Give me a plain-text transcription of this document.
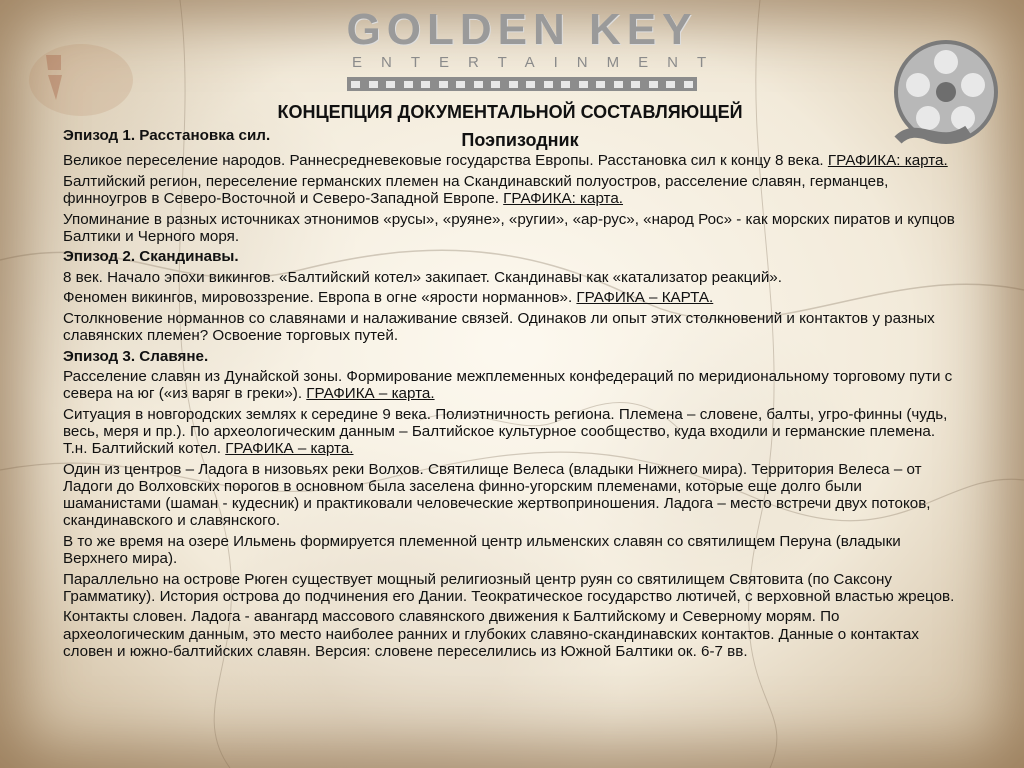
GOLDEN KEY
ENTERTAINMENT
КОНЦЕПЦИЯ ДОКУМЕНТАЛЬНОЙ СОСТАВЛЯЮЩЕЙ
Поэпизодник

Эпизод 1. Расстановка сил.

Великое переселение народов. Раннесредневековые государства Европы. Расстановка сил к концу 8 века. ГРАФИКА: карта.

Балтийский регион, переселение германских племен на Скандинавский полуостров, расселение славян, германцев, финноугров в Северо-Восточной и Северо-Западной Европе. ГРАФИКА: карта.

Упоминание в разных источниках этнонимов «русы», «руяне», «ругии», «ар-рус», «народ Рос» - как морских пиратов и купцов Балтики и Черного моря.

Эпизод 2. Скандинавы.

8 век. Начало эпохи викингов. «Балтийский котел» закипает. Скандинавы как «катализатор реакций».

Феномен викингов, мировоззрение. Европа в огне «ярости норманнов». ГРАФИКА – КАРТА.

Столкновение норманнов со славянами и налаживание связей. Одинаков ли опыт этих столкновений и контактов у разных славянских племен? Освоение торговых путей.

Эпизод 3. Славяне.

Расселение славян из Дунайской зоны. Формирование межплеменных конфедераций по меридиональному торговому пути с севера на юг («из варяг в греки»). ГРАФИКА – карта.

Ситуация в новгородских землях к середине 9 века. Полиэтничность региона. Племена – словене, балты, угро-финны (чудь, весь, меря и пр.). По археологическим данным – Балтийское культурное сообщество, куда входили и германские племена. Т.н. Балтийский котел. ГРАФИКА – карта.

Один из центров – Ладога в низовьях реки Волхов. Святилище Велеса (владыки Нижнего мира). Территория Велеса – от Ладоги до Волховских порогов в основном была заселена финно-угорским племенами, которые еще долго были шаманистами (шаман - кудесник) и практиковали человеческие жертвоприношения. Ладога – место встречи двух потоков, скандинавского и славянского.

В то же время на озере Ильмень формируется племенной центр ильменских славян со святилищем Перуна (владыки Верхнего мира).

Параллельно на острове Рюген существует мощный религиозный центр руян со святилищем Святовита (по Саксону Грамматику). История острова до подчинения его Дании. Теократическое государство лютичей, с верховной властью жрецов.

Контакты словен. Ладога - авангард массового славянского движения к Балтийскому и Северному морям. По археологическим данным, это место наиболее ранних и глубоких славяно-скандинавских контактов. Данные о контактах словен и южно-балтийских славян. Версия: словене переселились из Южной Балтики ок. 6-7 вв.
